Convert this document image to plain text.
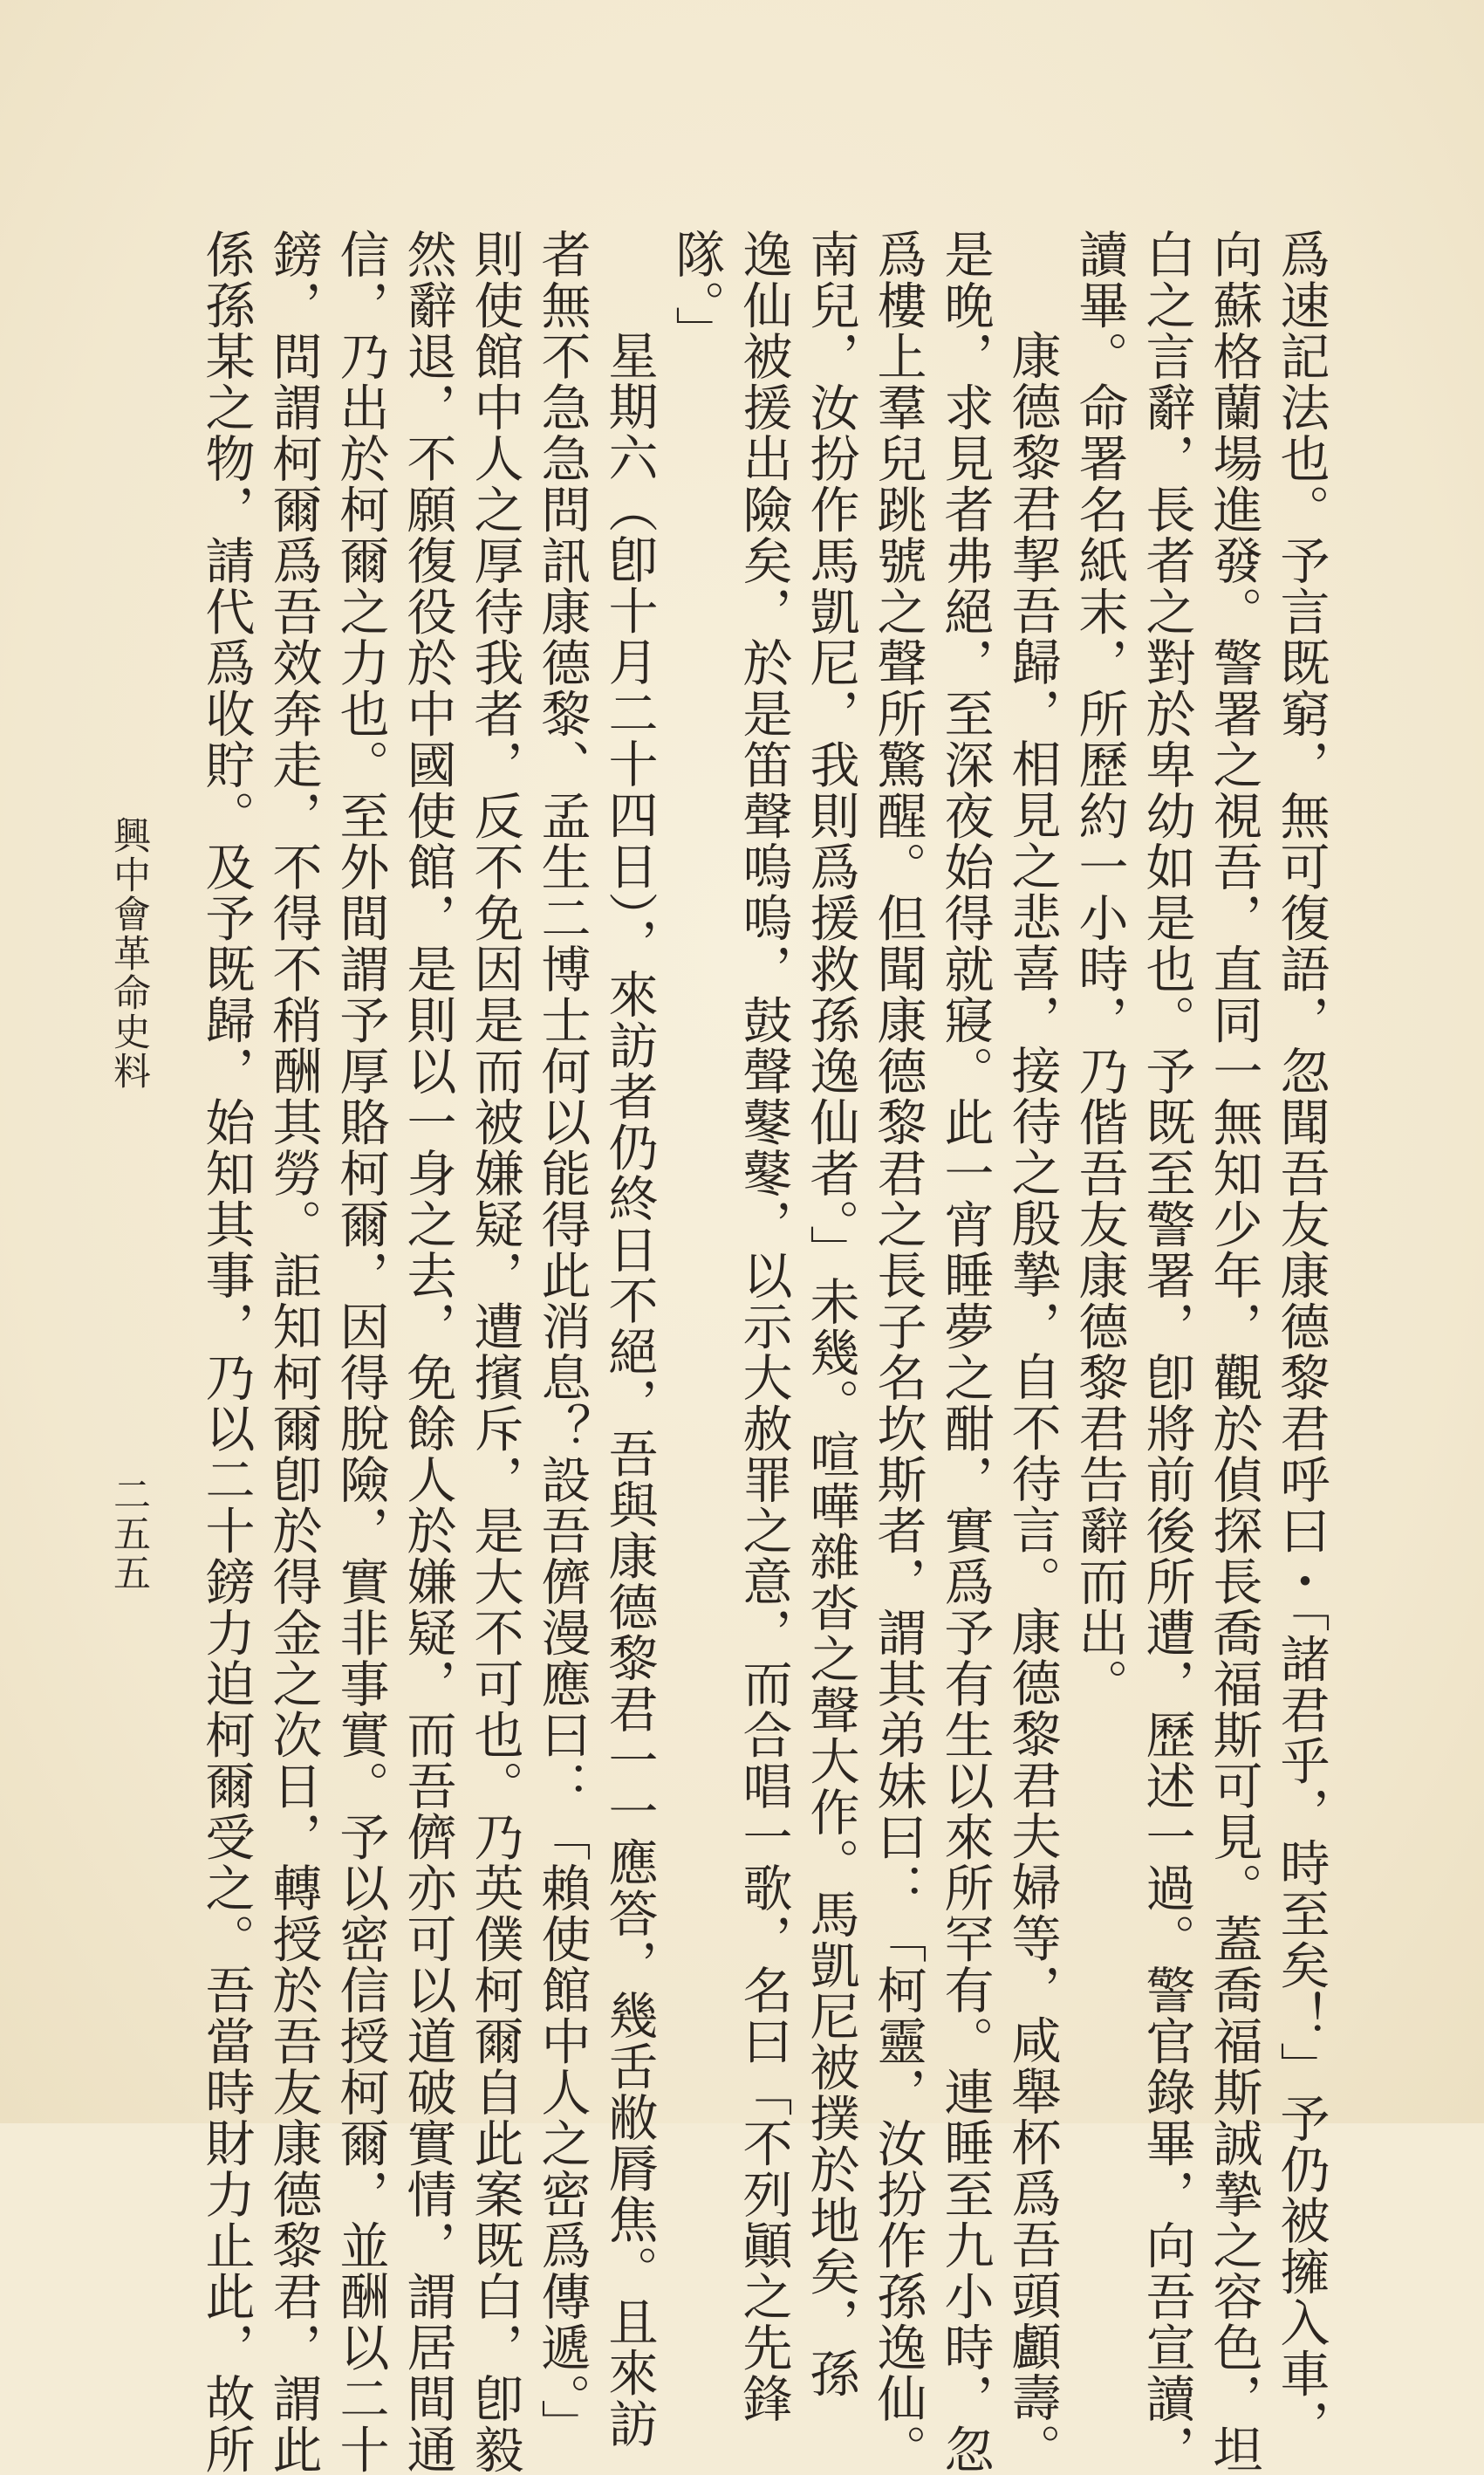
爲速記法也。予言既窮，無可復語，忽聞吾友康德黎君呼曰・「諸君乎，時至矣！」予仍被擁入車，

向蘇格蘭場進發。警署之視吾，直同一無知少年，觀於偵探長喬福斯可見。蓋喬福斯誠摯之容色，坦

白之言辭，長者之對於卑幼如是也。予既至警署，卽將前後所遭，歷述一過。警官錄畢，向吾宣讀，

讀畢。命署名紙末，所歷約一小時，乃偕吾友康德黎君告辭而出。

康德黎君挈吾歸，相見之悲喜，接待之殷摯，自不待言。康德黎君夫婦等，咸舉杯爲吾頭顱壽。

是晚，求見者弗絕，至深夜始得就寢。此一宵睡夢之酣，實爲予有生以來所罕有。連睡至九小時，忽

爲樓上羣兒跳號之聲所驚醒。但聞康德黎君之長子名坎斯者，謂其弟妹曰：「柯靈，汝扮作孫逸仙。

南兒，汝扮作馬凱尼，我則爲援救孫逸仙者。」未幾。喧嘩雜沓之聲大作。馬凱尼被撲於地矣，孫

逸仙被援出險矣，於是笛聲嗚嗚，鼓聲鼕鼕，以示大赦罪之意，而合唱一歌，名曰「不列顚之先鋒

隊。」

星期六（卽十月二十四日），來訪者仍終日不絕，吾與康德黎君一一應答，幾舌敝脣焦。且來訪

者無不急急問訊康德黎、孟生二博士何以能得此消息？設吾儕漫應曰：「賴使館中人之密爲傳遞。」

則使館中人之厚待我者，反不免因是而被嫌疑，遭擯斥，是大不可也。乃英僕柯爾自此案既白，卽毅

然辭退，不願復役於中國使館，是則以一身之去，免餘人於嫌疑，而吾儕亦可以道破實情，謂居間通

信，乃出於柯爾之力也。至外間謂予厚賂柯爾，因得脫險，實非事實。予以密信授柯爾，並酬以二十

鎊，問謂柯爾爲吾效奔走，不得不稍酬其勞。詎知柯爾卽於得金之次日，轉授於吾友康德黎君，謂此

係孫某之物，請代爲收貯。及予既歸，始知其事，乃以二十鎊力迫柯爾受之。吾當時財力止此，故所

興中會革命史料
二五五
